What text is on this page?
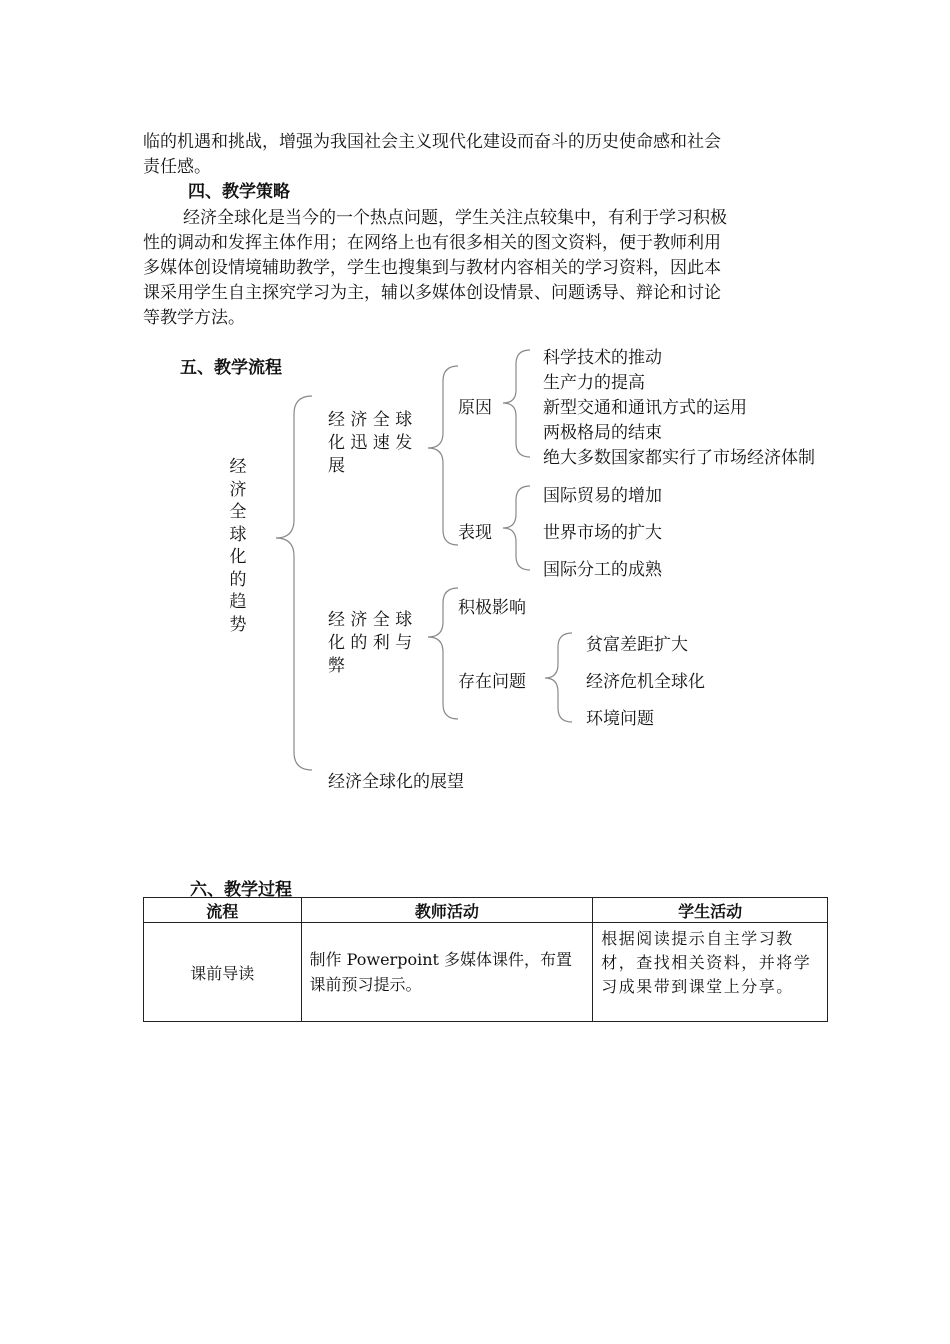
临的机遇和挑战，增强为我国社会主义现代化建设而奋斗的历史使命感和社会
责任感。
四、教学策略
经济全球化是当今的一个热点问题，学生关注点较集中，有利于学习积极
性的调动和发挥主体作用；在网络上也有很多相关的图文资料，便于教师利用
多媒体创设情境辅助教学，学生也搜集到与教材内容相关的学习资料，因此本
课采用学生自主探究学习为主，辅以多媒体创设情景、问题诱导、辩论和讨论
等教学方法。
五、教学流程
经
济
全
球
化
的
趋
势
经 济 全 球
化 迅 速 发
展
原因
科学技术的推动
生产力的提高
新型交通和通讯方式的运用
两极格局的结束
绝大多数国家都实行了市场经济体制
表现
国际贸易的增加
世界市场的扩大
国际分工的成熟
经 济 全 球
化 的 利 与
弊
积极影响
存在问题
贫富差距扩大
经济危机全球化
环境问题
经济全球化的展望
六、教学过程
流程	教师活动	学生活动
课前导读	制作 Powerpoint 多媒体课件，布置课前预习提示。	根据阅读提示自主学习教材，查找相关资料，并将学习成果带到课堂上分享。
